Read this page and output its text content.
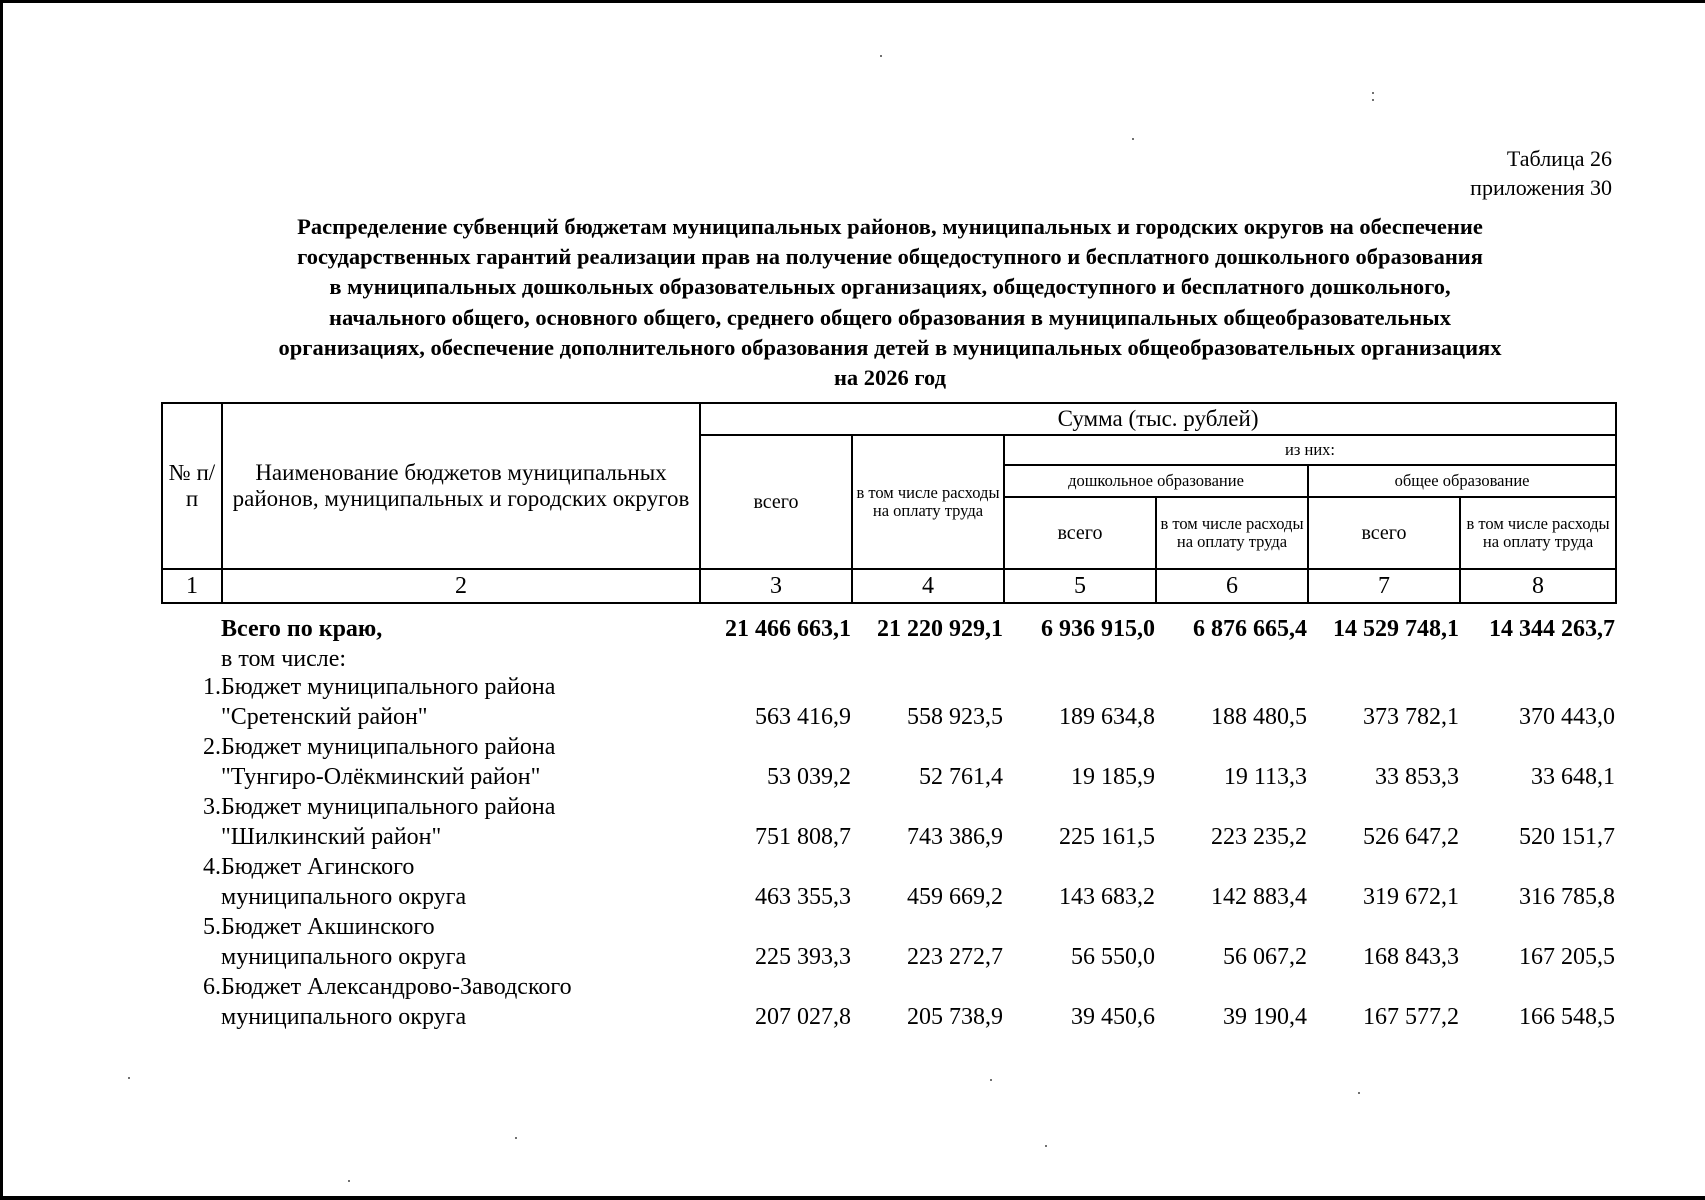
Таблица 26
приложения 30
Распределение субвенций бюджетам муниципальных районов, муниципальных и городских округов на обеспечение
государственных гарантий реализации прав на получение общедоступного и бесплатного дошкольного образования
в муниципальных дошкольных образовательных организациях, общедоступного и бесплатного дошкольного,
начального общего, основного общего, среднего общего образования в муниципальных общеобразовательных
организациях, обеспечение дополнительного образования детей в муниципальных общеобразовательных организациях
на 2026 год
№ п/п	Наименование бюджетов муниципальных районов, муниципальных и городских округов	Сумма (тыс. рублей)					
		всего	в том числе расходы на оплату труда	из них:			
				дошкольное образование		общее образование	
				всего	в том числе расходы на оплату труда	всего	в том числе расходы на оплату труда
1	2	3	4	5	6	7	8
	Всего по краю,	21 466 663,1	21 220 929,1	6 936 915,0	6 876 665,4	14 529 748,1	14 344 263,7
	в том числе:						
1.	Бюджет муниципального района						
	"Сретенский район"	563 416,9	558 923,5	189 634,8	188 480,5	373 782,1	370 443,0
2.	Бюджет муниципального района						
	"Тунгиро-Олёкминский район"	53 039,2	52 761,4	19 185,9	19 113,3	33 853,3	33 648,1
3.	Бюджет муниципального района						
	"Шилкинский район"	751 808,7	743 386,9	225 161,5	223 235,2	526 647,2	520 151,7
4.	Бюджет Агинского						
	муниципального округа	463 355,3	459 669,2	143 683,2	142 883,4	319 672,1	316 785,8
5.	Бюджет Акшинского						
	муниципального округа	225 393,3	223 272,7	56 550,0	56 067,2	168 843,3	167 205,5
6.	Бюджет Александрово-Заводского						
	муниципального округа	207 027,8	205 738,9	39 450,6	39 190,4	167 577,2	166 548,5
